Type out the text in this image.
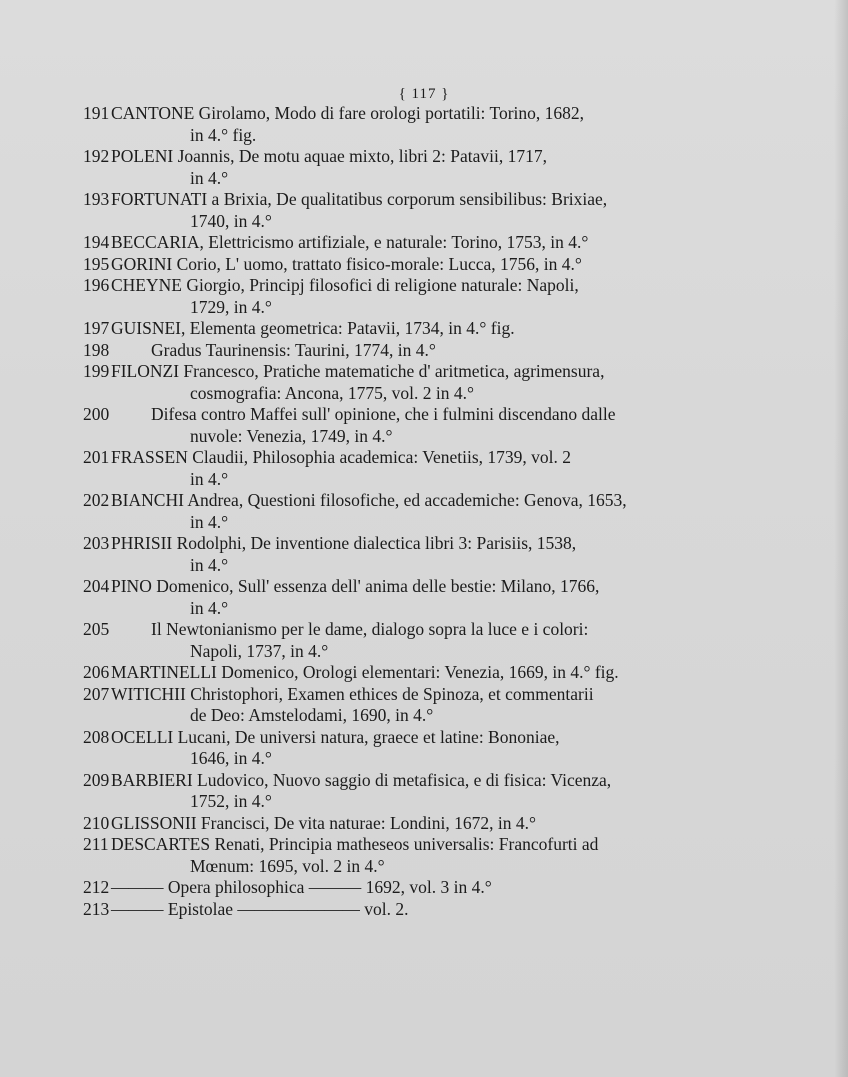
{ 117 }
191 CANTONE Girolamo, Modo di fare orologi portatili: Torino, 1682,
in 4.° fig.
192 POLENI Joannis, De motu aquae mixto, libri 2: Patavii, 1717,
in 4.°
193 FORTUNATI a Brixia, De qualitatibus corporum sensibilibus: Brixiae,
1740, in 4.°
194 BECCARIA, Elettricismo artifiziale, e naturale: Torino, 1753, in 4.°
195 GORINI Corio, L' uomo, trattato fisico-morale: Lucca, 1756, in 4.°
196 CHEYNE Giorgio, Principj filosofici di religione naturale: Napoli,
1729, in 4.°
197 GUISNEI, Elementa geometrica: Patavii, 1734, in 4.° fig.
198	Gradus Taurinensis: Taurini, 1774, in 4.°
199 FILONZI Francesco, Pratiche matematiche d' aritmetica, agrimensura,
cosmografia: Ancona, 1775, vol. 2 in 4.°
200	Difesa contro Maffei sull' opinione, che i fulmini discendano dalle
nuvole: Venezia, 1749, in 4.°
201 FRASSEN Claudii, Philosophia academica: Venetiis, 1739, vol. 2
in 4.°
202 BIANCHI Andrea, Questioni filosofiche, ed accademiche: Genova, 1653,
in 4.°
203 PHRISII Rodolphi, De inventione dialectica libri 3: Parisiis, 1538,
in 4.°
204 PINO Domenico, Sull' essenza dell' anima delle bestie: Milano, 1766,
in 4.°
205	Il Newtonianismo per le dame, dialogo sopra la luce e i colori:
Napoli, 1737, in 4.°
206 MARTINELLI Domenico, Orologi elementari: Venezia, 1669, in 4.° fig.
207 WITICHII Christophori, Examen ethices de Spinoza, et commentarii
de Deo: Amstelodami, 1690, in 4.°
208 OCELLI Lucani, De universi natura, graece et latine: Bononiae,
1646, in 4.°
209 BARBIERI Ludovico, Nuovo saggio di metafisica, e di fisica: Vicenza,
1752, in 4.°
210 GLISSONII Francisci, De vita naturae: Londini, 1672, in 4.°
211 DESCARTES Renati, Principia matheseos universalis: Francofurti ad
Mœnum: 1695, vol. 2 in 4.°
212 ——— Opera philosophica ——— 1692, vol. 3 in 4.°
213 ——— Epistolae ——————— vol. 2.
